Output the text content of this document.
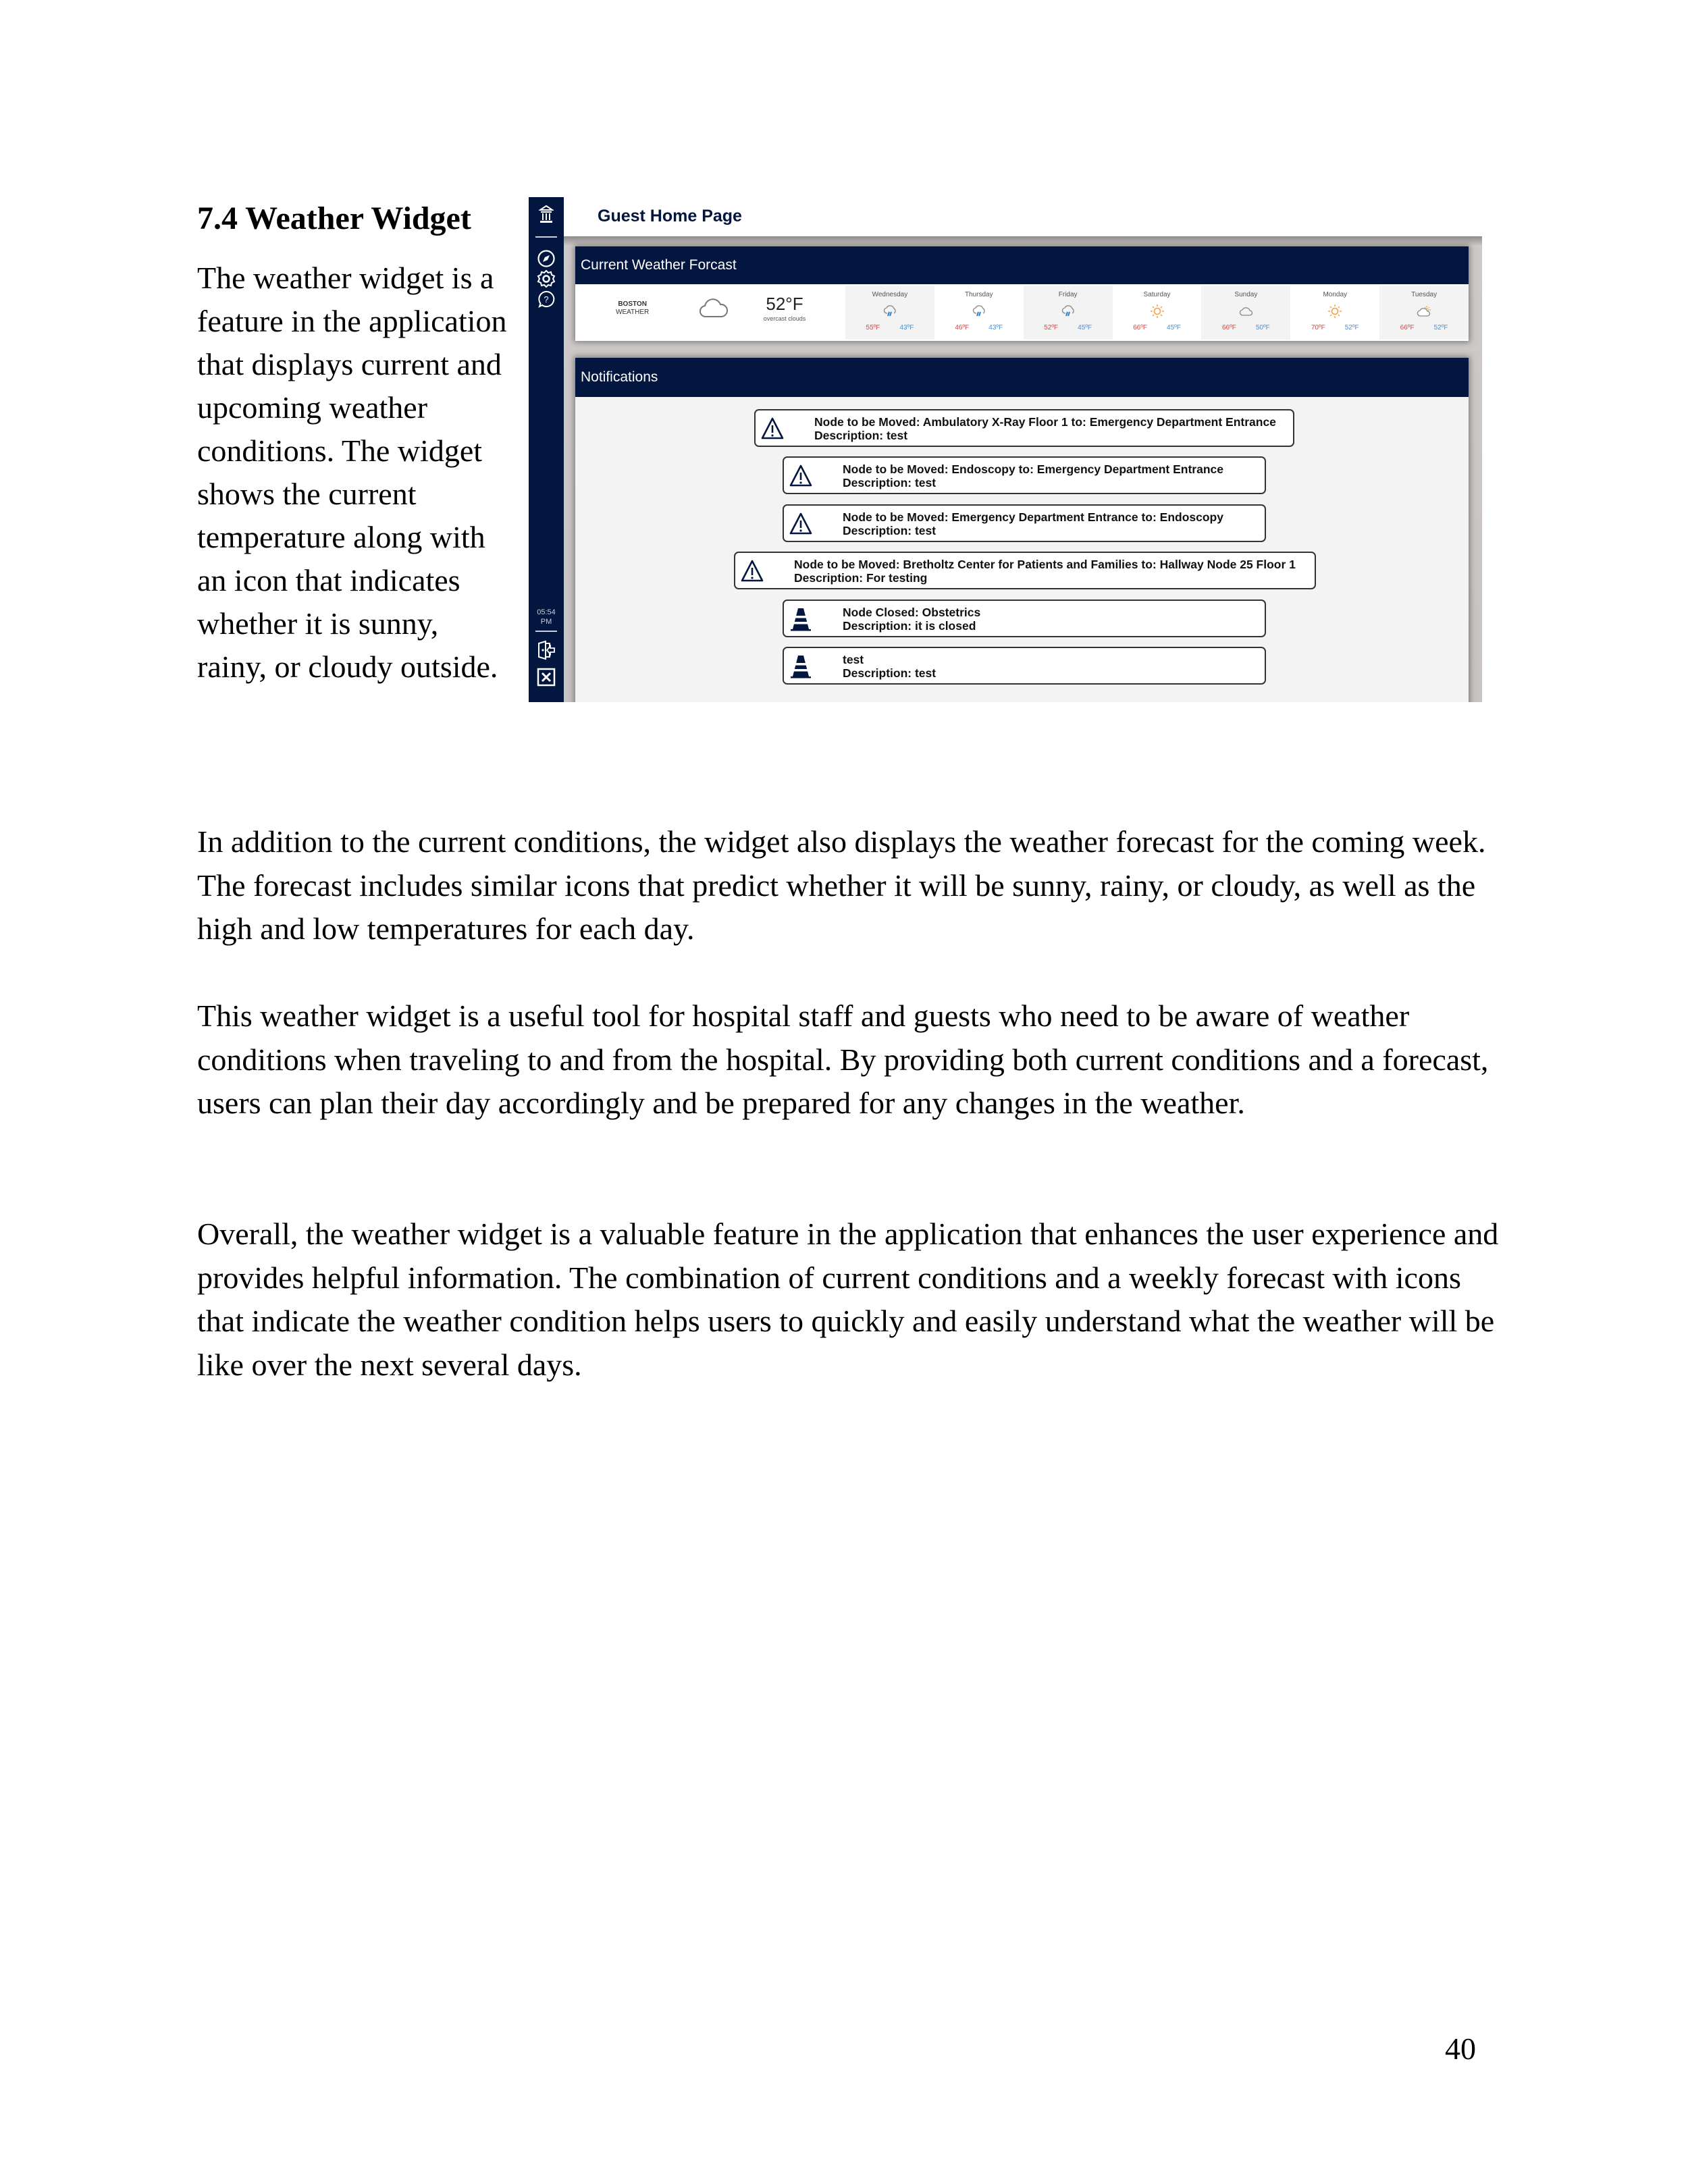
7.4 Weather Widget

The weather widget is a feature in the application that displays current and upcoming weather conditions. The widget shows the current temperature along with an icon that indicates whether it is sunny, rainy, or cloudy outside.

?
05:54
PM
Guest Home Page
Current Weather Forcast
BOSTON
WEATHER	52°F
overcast clouds
Wednesday
55ºF	43ºF
Thursday
46ºF	43ºF
Friday
52ºF	45ºF
Saturday
66ºF	45ºF
Sunday
66ºF	50ºF
Monday
70ºF	52ºF
Tuesday
66ºF	52ºF
Notifications
Node to be Moved: Ambulatory X-Ray Floor 1 to: Emergency Department Entrance
Description: test
Node to be Moved: Endoscopy to: Emergency Department Entrance
Description: test
Node to be Moved: Emergency Department Entrance to: Endoscopy
Description: test
Node to be Moved: Bretholtz Center for Patients and Families to: Hallway Node 25 Floor 1
Description: For testing
Node Closed: Obstetrics
Description: it is closed
test
Description: test

In addition to the current conditions, the widget also displays the weather forecast for the coming week. The forecast includes similar icons that predict whether it will be sunny, rainy, or cloudy, as well as the high and low temperatures for each day.

This weather widget is a useful tool for hospital staff and guests who need to be aware of weather conditions when traveling to and from the hospital. By providing both current conditions and a forecast, users can plan their day accordingly and be prepared for any changes in the weather.

Overall, the weather widget is a valuable feature in the application that enhances the user experience and provides helpful information. The combination of current conditions and a weekly forecast with icons that indicate the weather condition helps users to quickly and easily understand what the weather will be like over the next several days.

40
